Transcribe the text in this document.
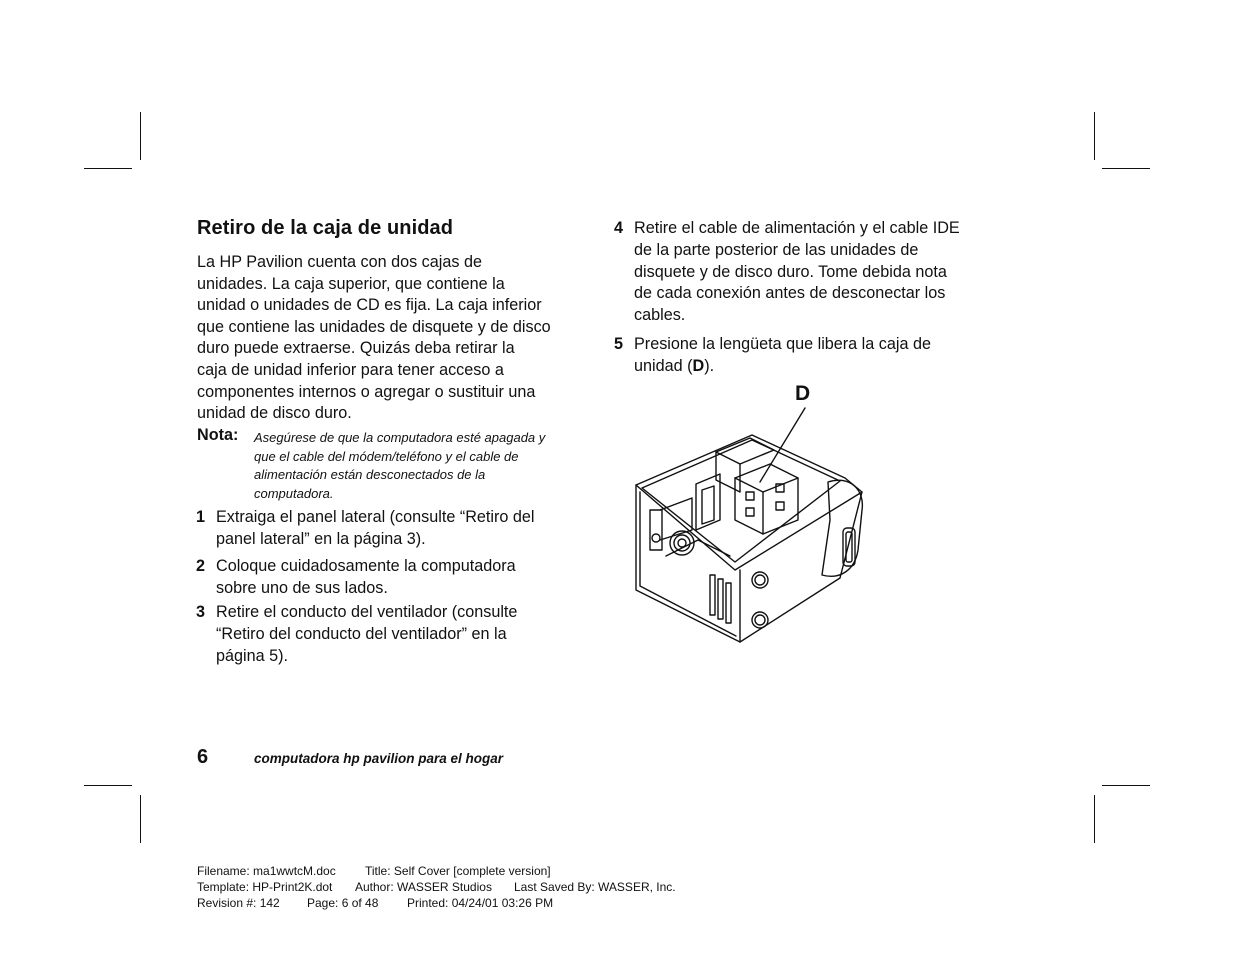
Retiro de la caja de unidad
La HP Pavilion cuenta con dos cajas de
unidades. La caja superior, que contiene la
unidad o unidades de CD es fija. La caja inferior
que contiene las unidades de disquete y de disco
duro puede extraerse. Quizás deba retirar la
caja de unidad inferior para tener acceso a
componentes internos o agregar o sustituir una
unidad de disco duro.
Nota: Asegúrese de que la computadora esté apagada y
que el cable del módem/teléfono y el cable de
alimentación están desconectados de la
computadora.
1 Extraiga el panel lateral (consulte “Retiro del
panel lateral” en la página 3).
2 Coloque cuidadosamente la computadora
sobre uno de sus lados.
3 Retire el conducto del ventilador (consulte
“Retiro del conducto del ventilador” en la
página 5).
4 Retire el cable de alimentación y el cable IDE
de la parte posterior de las unidades de
disquete y de disco duro. Tome debida nota
de cada conexión antes de desconectar los
cables.
5 Presione la lengüeta que libera la caja de
unidad (D).
D
6	computadora hp pavilion para el hogar
Filename: ma1wwtcM.doc Title: Self Cover [complete version]
Template: HP-Print2K.dot Author: WASSER Studios Last Saved By: WASSER, Inc.
Revision #: 142 Page: 6 of 48 Printed: 04/24/01 03:26 PM
